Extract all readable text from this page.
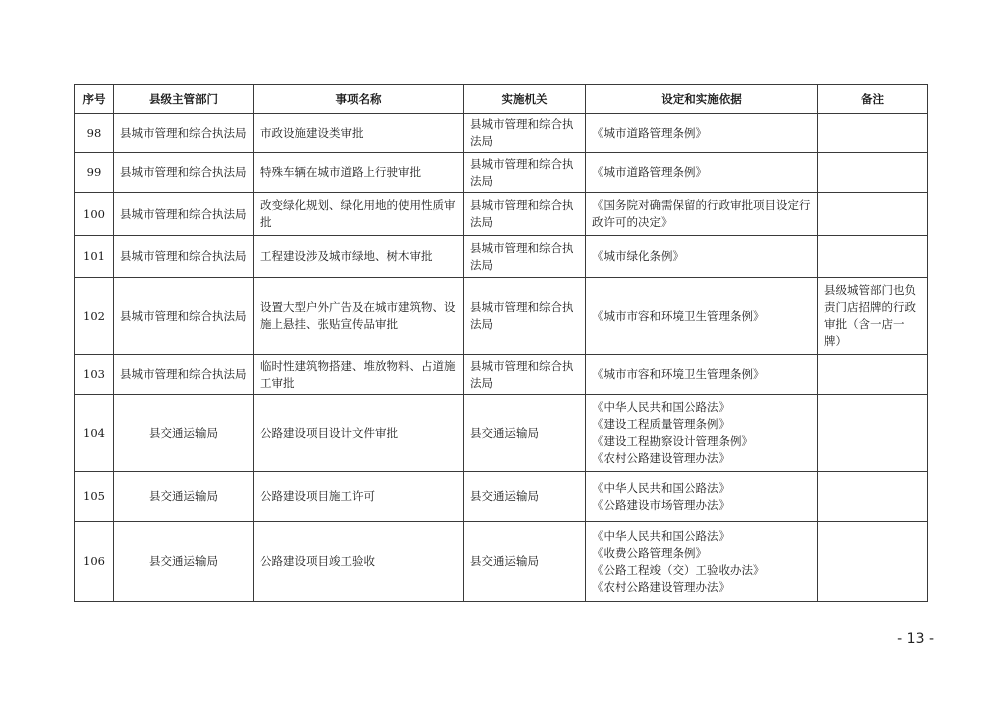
序号	县级主管部门	事项名称	实施机关	设定和实施依据	备注
98	县城市管理和综合执法局	市政设施建设类审批	县城市管理和综合执法局	《城市道路管理条例》	

99	县城市管理和综合执法局	特殊车辆在城市道路上行驶审批	县城市管理和综合执法局	《城市道路管理条例》	

100	县城市管理和综合执法局	改变绿化规划、绿化用地的使用性质审批	县城市管理和综合执法局	《国务院对确需保留的行政审批项目设定行政许可的决定》	

101	县城市管理和综合执法局	工程建设涉及城市绿地、树木审批	县城市管理和综合执法局	《城市绿化条例》	

102	县城市管理和综合执法局	设置大型户外广告及在城市建筑物、设施上悬挂、张贴宣传品审批	县城市管理和综合执法局	《城市市容和环境卫生管理条例》	县级城管部门也负责门店招牌的行政审批（含一店一牌）
103	县城市管理和综合执法局	临时性建筑物搭建、堆放物料、占道施工审批	县城市管理和综合执法局	《城市市容和环境卫生管理条例》	

104	县交通运输局	公路建设项目设计文件审批	县交通运输局	《中华人民共和国公路法》
《建设工程质量管理条例》
《建设工程勘察设计管理条例》
《农村公路建设管理办法》	

105	县交通运输局	公路建设项目施工许可	县交通运输局	《中华人民共和国公路法》
《公路建设市场管理办法》	

106	县交通运输局	公路建设项目竣工验收	县交通运输局	《中华人民共和国公路法》
《收费公路管理条例》
《公路工程竣（交）工验收办法》
《农村公路建设管理办法》	

- 13 -
